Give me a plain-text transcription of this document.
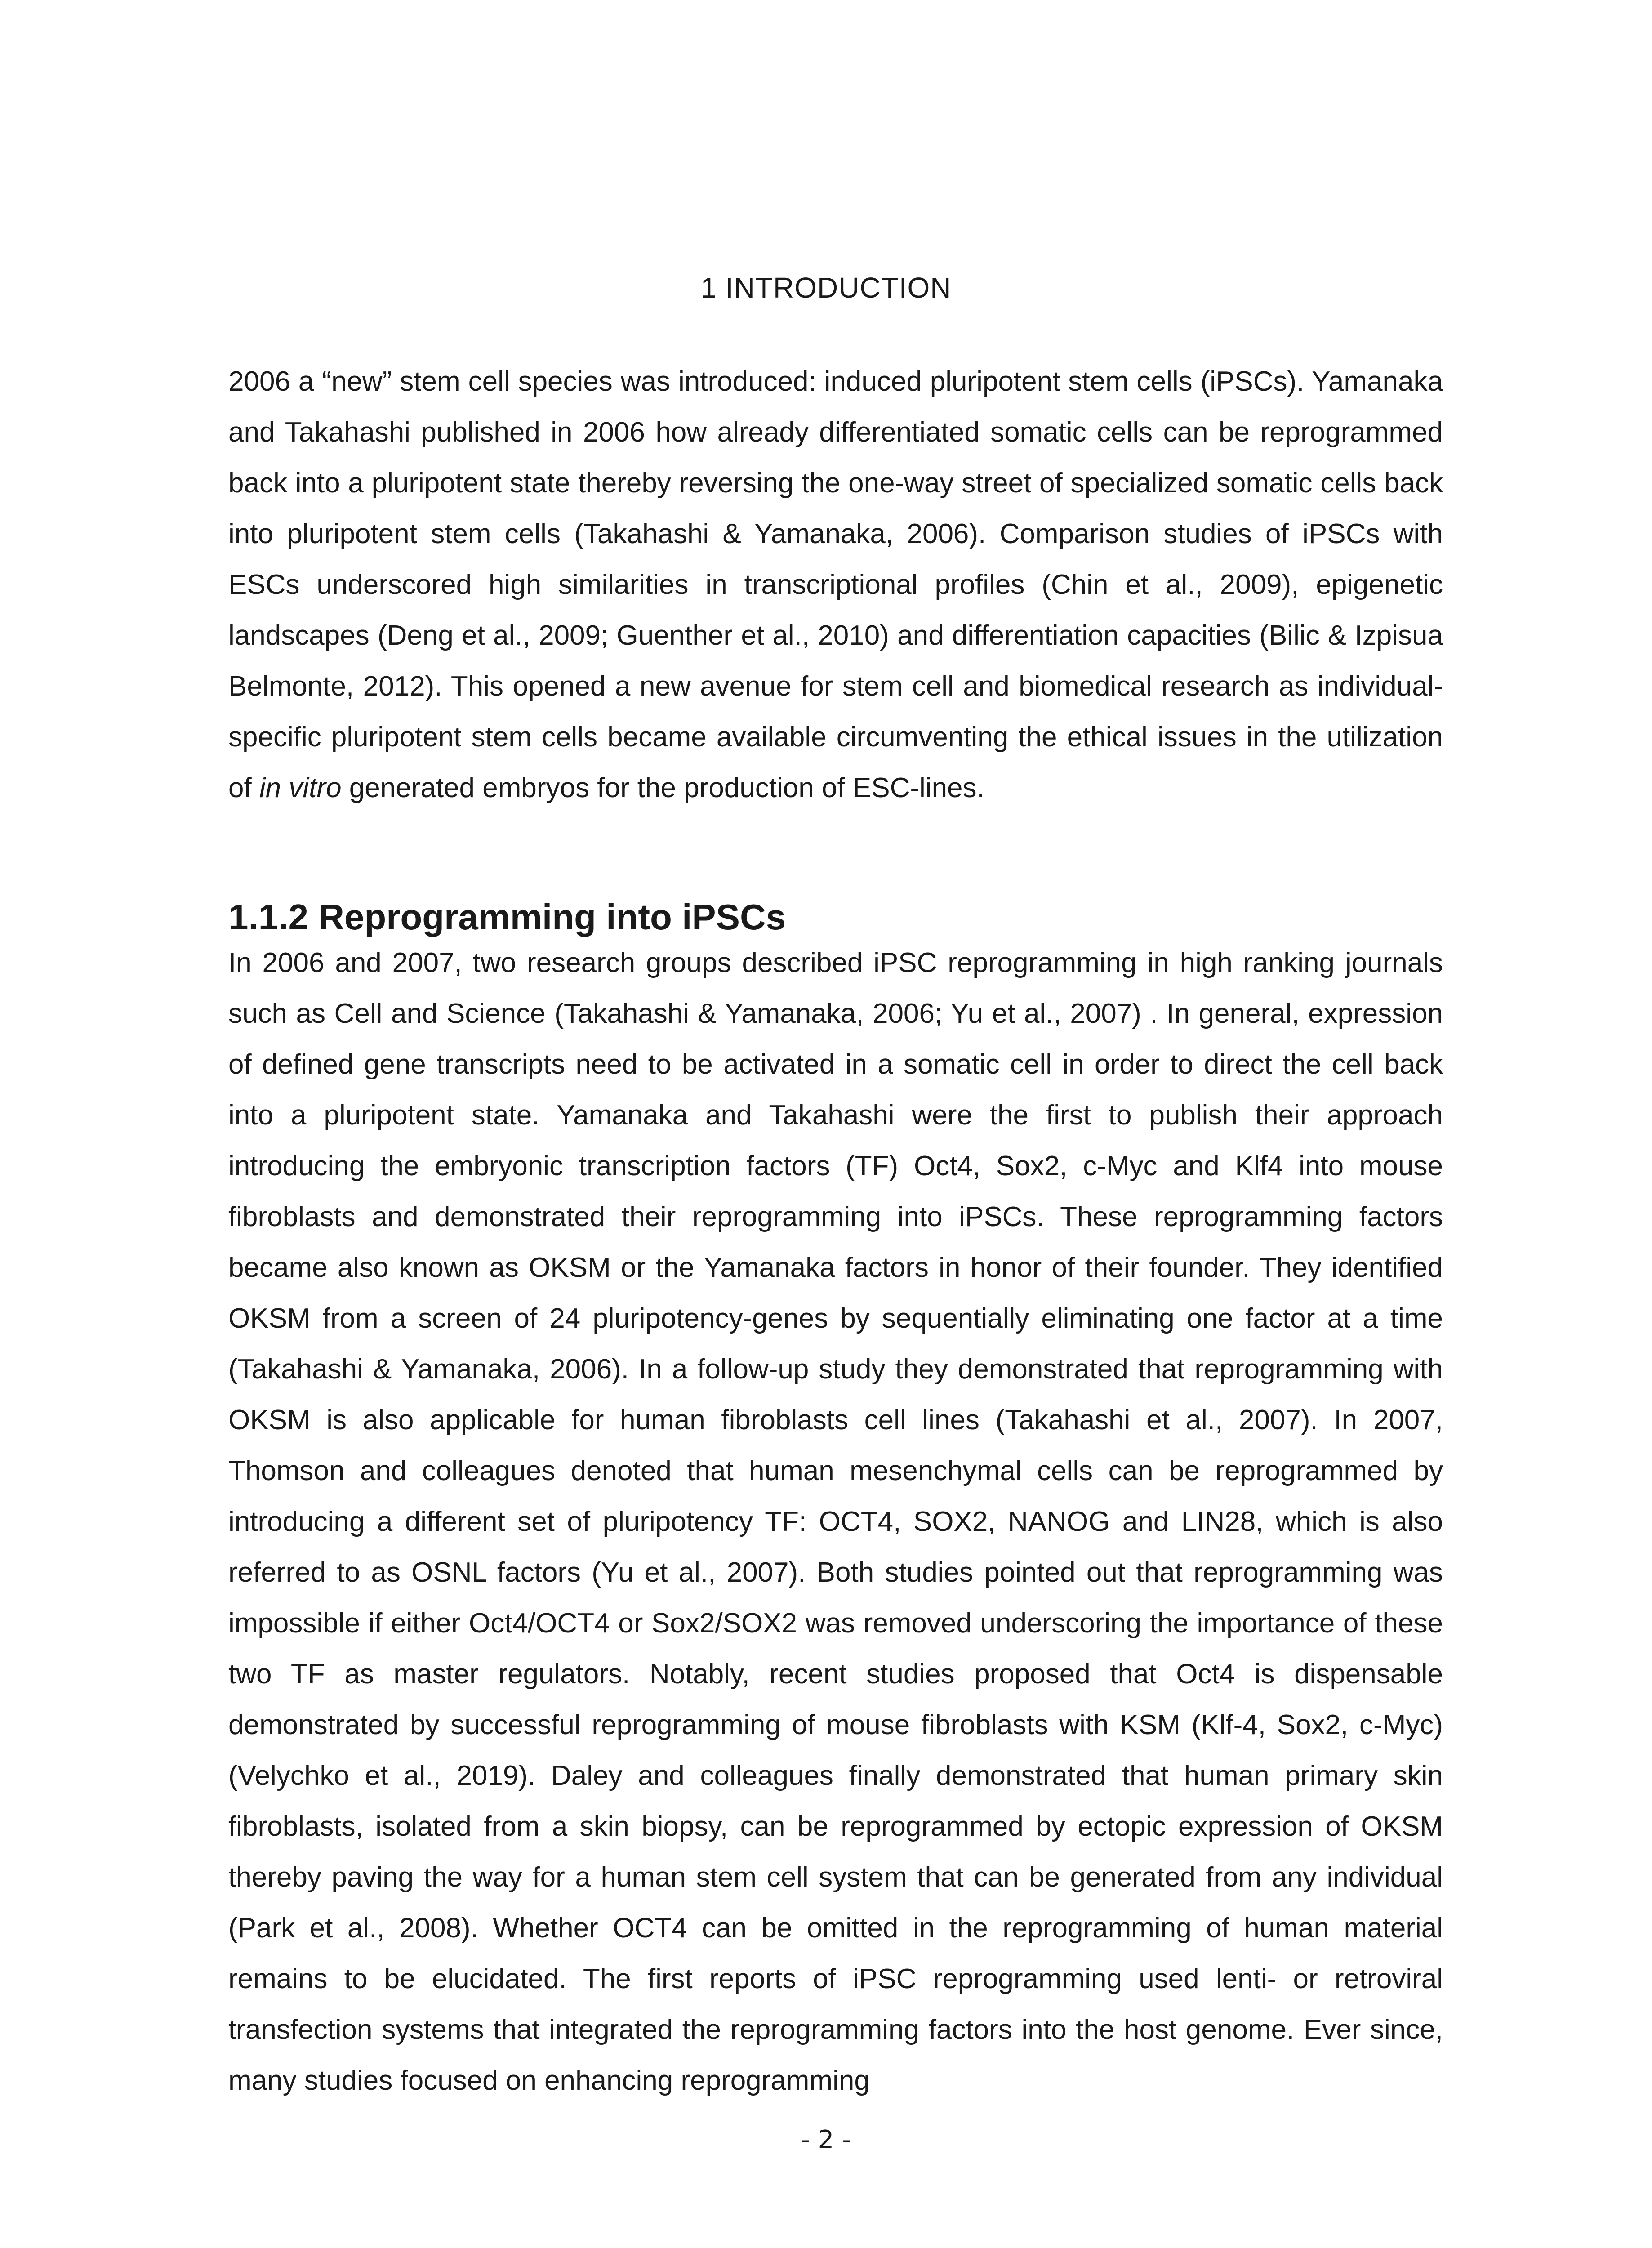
1 INTRODUCTION

2006 a “new” stem cell species was introduced: induced pluripotent stem cells (iPSCs). Yamanaka and Takahashi published in 2006 how already differentiated somatic cells can be reprogrammed back into a pluripotent state thereby reversing the one-way street of specialized somatic cells back into pluripotent stem cells (Takahashi & Yamanaka, 2006). Comparison studies of iPSCs with ESCs underscored high similarities in transcriptional profiles (Chin et al., 2009), epigenetic landscapes (Deng et al., 2009; Guenther et al., 2010) and differentiation capacities (Bilic & Izpisua Belmonte, 2012). This opened a new avenue for stem cell and biomedical research as individual-specific pluripotent stem cells became available circumventing the ethical issues in the utilization of in vitro generated embryos for the production of ESC-lines.

1.1.2 Reprogramming into iPSCs

In 2006 and 2007, two research groups described iPSC reprogramming in high ranking journals such as Cell and Science (Takahashi & Yamanaka, 2006; Yu et al., 2007) . In general, expression of defined gene transcripts need to be activated in a somatic cell in order to direct the cell back into a pluripotent state. Yamanaka and Takahashi were the first to publish their approach introducing the embryonic transcription factors (TF) Oct4, Sox2, c-Myc and Klf4 into mouse fibroblasts and demonstrated their reprogramming into iPSCs. These reprogramming factors became also known as OKSM or the Yamanaka factors in honor of their founder. They identified OKSM from a screen of 24 pluripotency-genes by sequentially eliminating one factor at a time (Takahashi & Yamanaka, 2006). In a follow-up study they demonstrated that reprogramming with OKSM is also applicable for human fibroblasts cell lines (Takahashi et al., 2007). In 2007, Thomson and colleagues denoted that human mesenchymal cells can be reprogrammed by introducing a different set of pluripotency TF: OCT4, SOX2, NANOG and LIN28, which is also referred to as OSNL factors (Yu et al., 2007). Both studies pointed out that reprogramming was impossible if either Oct4/OCT4 or Sox2/SOX2 was removed underscoring the importance of these two TF as master regulators. Notably, recent studies proposed that Oct4 is dispensable demonstrated by successful reprogramming of mouse fibroblasts with KSM (Klf-4, Sox2, c-Myc) (Velychko et al., 2019). Daley and colleagues finally demonstrated that human primary skin fibroblasts, isolated from a skin biopsy, can be reprogrammed by ectopic expression of OKSM thereby paving the way for a human stem cell system that can be generated from any individual (Park et al., 2008). Whether OCT4 can be omitted in the reprogramming of human material remains to be elucidated. The first reports of iPSC reprogramming used lenti- or retroviral transfection systems that integrated the reprogramming factors into the host genome. Ever since, many studies focused on enhancing reprogramming

- 2 -
